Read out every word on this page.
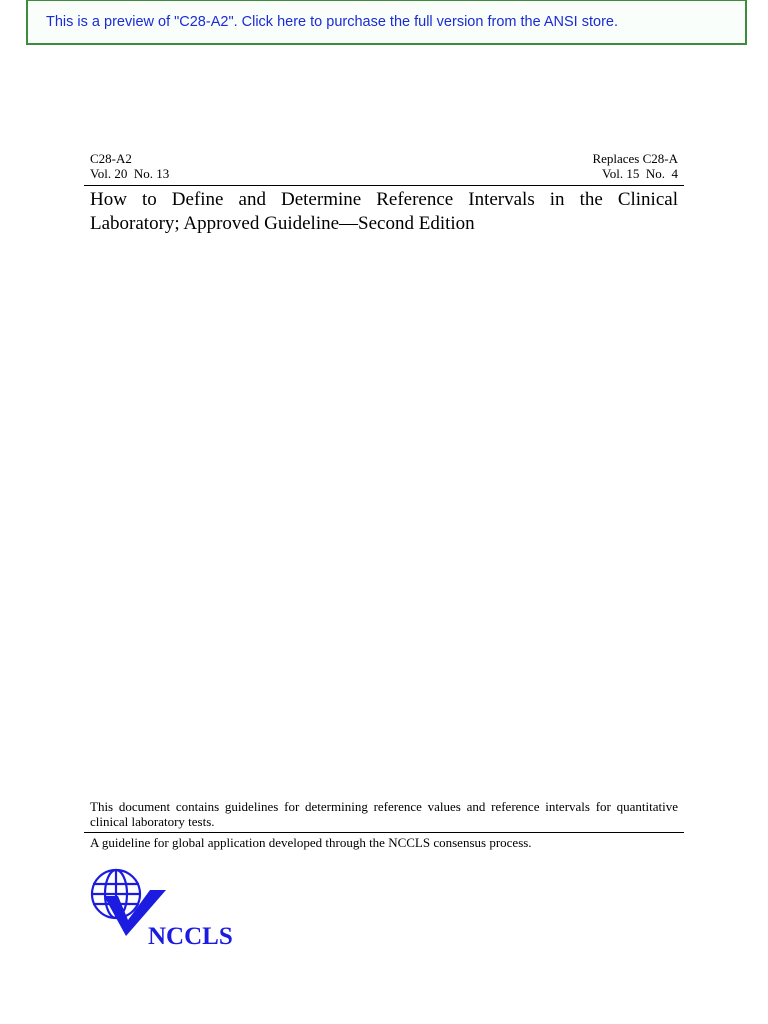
This is a preview of "C28-A2". Click here to purchase the full version from the ANSI store.
C28-A2
Vol. 20  No. 13
Replaces C28-A
Vol. 15  No.  4
How to Define and Determine Reference Intervals in the Clinical Laboratory; Approved Guideline—Second Edition
This document contains guidelines for determining reference values and reference intervals for quantitative clinical laboratory tests.
A guideline for global application developed through the NCCLS consensus process.
NCCLS
